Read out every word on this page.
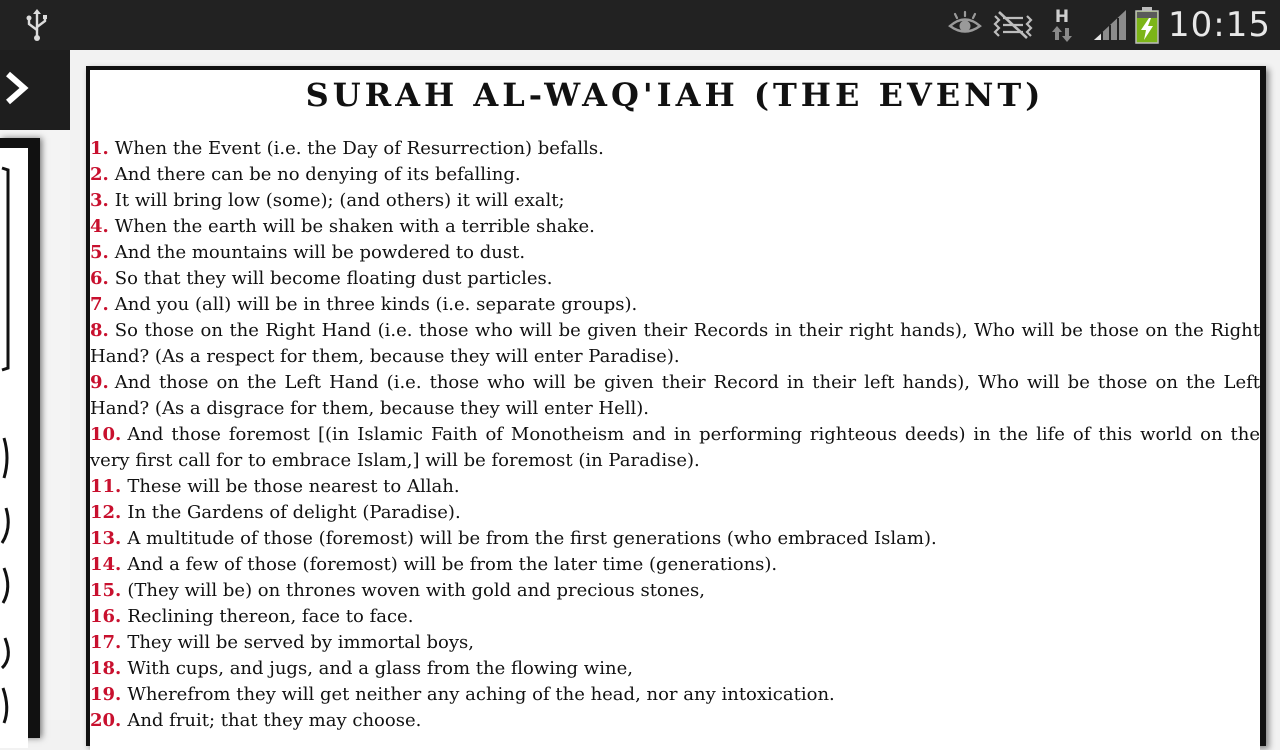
H	10:15
SURAH AL-WAQ'IAH (THE EVENT)

1. When the Event (i.e. the Day of Resurrection) befalls.

2. And there can be no denying of its befalling.

3. It will bring low (some); (and others) it will exalt;

4. When the earth will be shaken with a terrible shake.

5. And the mountains will be powdered to dust.

6. So that they will become floating dust particles.

7. And you (all) will be in three kinds (i.e. separate groups).

8. So those on the Right Hand (i.e. those who will be given their Records in their right hands), Who will be those on the Right Hand? (As a respect for them, because they will enter Paradise).

9. And those on the Left Hand (i.e. those who will be given their Record in their left hands), Who will be those on the Left Hand? (As a disgrace for them, because they will enter Hell).

10. And those foremost [(in Islamic Faith of Monotheism and in performing righteous deeds) in the life of this world on the very first call for to embrace Islam,] will be foremost (in Paradise).

11. These will be those nearest to Allah.

12. In the Gardens of delight (Paradise).

13. A multitude of those (foremost) will be from the first generations (who embraced Islam).

14. And a few of those (foremost) will be from the later time (generations).

15. (They will be) on thrones woven with gold and precious stones,

16. Reclining thereon, face to face.

17. They will be served by immortal boys,

18. With cups, and jugs, and a glass from the flowing wine,

19. Wherefrom they will get neither any aching of the head, nor any intoxication.

20. And fruit; that they may choose.
